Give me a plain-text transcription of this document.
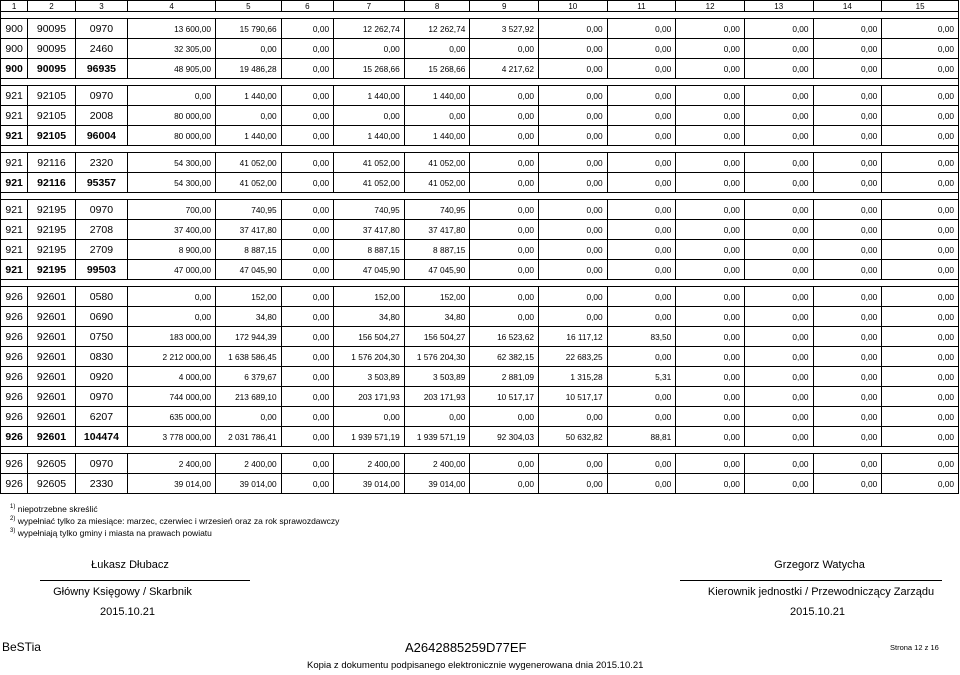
1	2	3	4	5	6	7	8	9	10	11	12	13	14	15

900	90095	0970	13 600,00	15 790,66	0,00	12 262,74	12 262,74	3 527,92	0,00	0,00	0,00	0,00	0,00	0,00
900	90095	2460	32 305,00	0,00	0,00	0,00	0,00	0,00	0,00	0,00	0,00	0,00	0,00	0,00
900	90095	96935	48 905,00	19 486,28	0,00	15 268,66	15 268,66	4 217,62	0,00	0,00	0,00	0,00	0,00	0,00

921	92105	0970	0,00	1 440,00	0,00	1 440,00	1 440,00	0,00	0,00	0,00	0,00	0,00	0,00	0,00
921	92105	2008	80 000,00	0,00	0,00	0,00	0,00	0,00	0,00	0,00	0,00	0,00	0,00	0,00
921	92105	96004	80 000,00	1 440,00	0,00	1 440,00	1 440,00	0,00	0,00	0,00	0,00	0,00	0,00	0,00

921	92116	2320	54 300,00	41 052,00	0,00	41 052,00	41 052,00	0,00	0,00	0,00	0,00	0,00	0,00	0,00
921	92116	95357	54 300,00	41 052,00	0,00	41 052,00	41 052,00	0,00	0,00	0,00	0,00	0,00	0,00	0,00

921	92195	0970	700,00	740,95	0,00	740,95	740,95	0,00	0,00	0,00	0,00	0,00	0,00	0,00
921	92195	2708	37 400,00	37 417,80	0,00	37 417,80	37 417,80	0,00	0,00	0,00	0,00	0,00	0,00	0,00
921	92195	2709	8 900,00	8 887,15	0,00	8 887,15	8 887,15	0,00	0,00	0,00	0,00	0,00	0,00	0,00
921	92195	99503	47 000,00	47 045,90	0,00	47 045,90	47 045,90	0,00	0,00	0,00	0,00	0,00	0,00	0,00

926	92601	0580	0,00	152,00	0,00	152,00	152,00	0,00	0,00	0,00	0,00	0,00	0,00	0,00
926	92601	0690	0,00	34,80	0,00	34,80	34,80	0,00	0,00	0,00	0,00	0,00	0,00	0,00
926	92601	0750	183 000,00	172 944,39	0,00	156 504,27	156 504,27	16 523,62	16 117,12	83,50	0,00	0,00	0,00	0,00
926	92601	0830	2 212 000,00	1 638 586,45	0,00	1 576 204,30	1 576 204,30	62 382,15	22 683,25	0,00	0,00	0,00	0,00	0,00
926	92601	0920	4 000,00	6 379,67	0,00	3 503,89	3 503,89	2 881,09	1 315,28	5,31	0,00	0,00	0,00	0,00
926	92601	0970	744 000,00	213 689,10	0,00	203 171,93	203 171,93	10 517,17	10 517,17	0,00	0,00	0,00	0,00	0,00
926	92601	6207	635 000,00	0,00	0,00	0,00	0,00	0,00	0,00	0,00	0,00	0,00	0,00	0,00
926	92601	104474	3 778 000,00	2 031 786,41	0,00	1 939 571,19	1 939 571,19	92 304,03	50 632,82	88,81	0,00	0,00	0,00	0,00

926	92605	0970	2 400,00	2 400,00	0,00	2 400,00	2 400,00	0,00	0,00	0,00	0,00	0,00	0,00	0,00
926	92605	2330	39 014,00	39 014,00	0,00	39 014,00	39 014,00	0,00	0,00	0,00	0,00	0,00	0,00	0,00
$^{1)}$ niepotrzebne skreślić
$^{2)}$ wypełniać tylko za miesiące: marzec, czerwiec i wrzesień oraz za rok sprawozdawczy
$^{3)}$ wypełniają tylko gminy i miasta na prawach powiatu
Łukasz Dłubacz
Główny Księgowy / Skarbnik
2015.10.21
Grzegorz Watycha
Kierownik jednostki / Przewodniczący Zarządu
2015.10.21
BeSTia	A2642885259D77EF	Strona 12 z 16
Kopia z dokumentu podpisanego elektronicznie wygenerowana dnia 2015.10.21
